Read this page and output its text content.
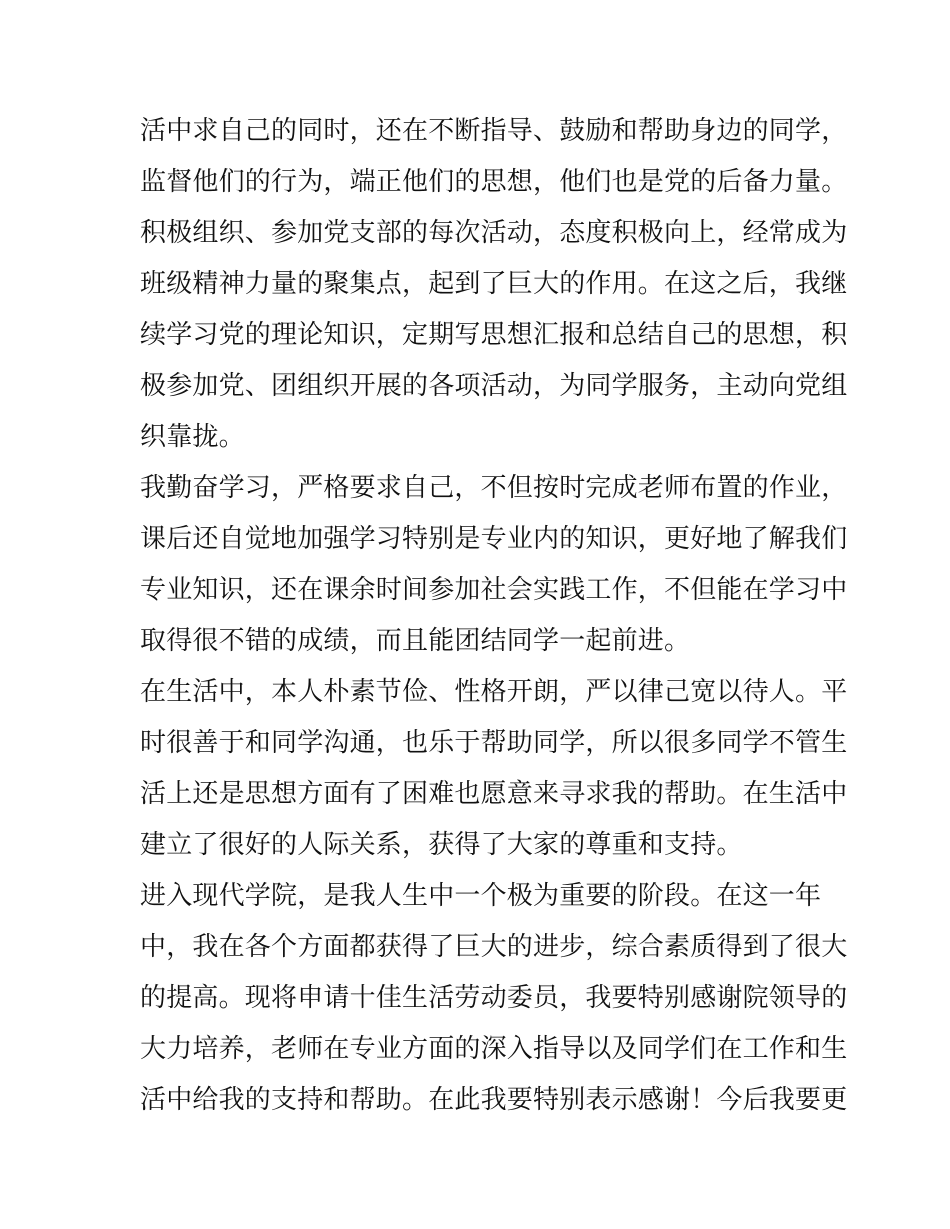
活中求自己的同时，还在不断指导、鼓励和帮助身边的同学，
监督他们的行为，端正他们的思想，他们也是党的后备力量。
积极组织、参加党支部的每次活动，态度积极向上，经常成为
班级精神力量的聚集点，起到了巨大的作用。在这之后，我继
续学习党的理论知识，定期写思想汇报和总结自己的思想，积
极参加党、团组织开展的各项活动，为同学服务，主动向党组
织靠拢。
我勤奋学习，严格要求自己，不但按时完成老师布置的作业，
课后还自觉地加强学习特别是专业内的知识，更好地了解我们
专业知识，还在课余时间参加社会实践工作，不但能在学习中
取得很不错的成绩，而且能团结同学一起前进。
在生活中，本人朴素节俭、性格开朗，严以律己宽以待人。平
时很善于和同学沟通，也乐于帮助同学，所以很多同学不管生
活上还是思想方面有了困难也愿意来寻求我的帮助。在生活中
建立了很好的人际关系，获得了大家的尊重和支持。
进入现代学院，是我人生中一个极为重要的阶段。在这一年
中，我在各个方面都获得了巨大的进步，综合素质得到了很大
的提高。现将申请十佳生活劳动委员，我要特别感谢院领导的
大力培养，老师在专业方面的深入指导以及同学们在工作和生
活中给我的支持和帮助。在此我要特别表示感谢！今后我要更
